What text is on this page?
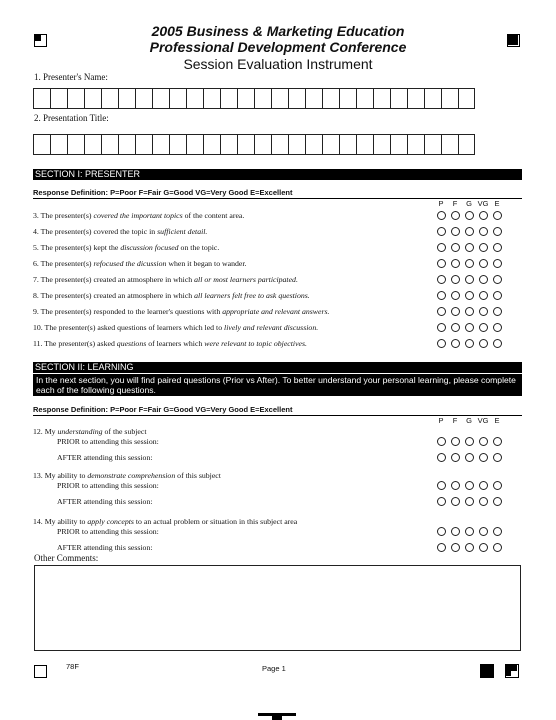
2005 Business & Marketing Education
Professional Development Conference
Session Evaluation Instrument
1. Presenter's Name:
2. Presentation Title:
SECTION I: PRESENTER
Response Definition: P=Poor F=Fair G=Good VG=Very Good E=Excellent
P	F	G VG E
3. The presenter(s) covered the important topics of the content area.
4. The presenter(s) covered the topic in sufficient detail.
5. The presenter(s) kept the discussion focused on the topic.
6. The presenter(s) refocused the dicussion when it began to wander.
7. The presenter(s) created an atmosphere in which all or most learners participated.
8. The presenter(s) created an atmosphere in which all learners felt free to ask questions.
9. The presenter(s) responded to the learner's questions with appropriate and relevant answers.
10. The presenter(s) asked questions of learners which led to lively and relevant discussion.
11. The presenter(s) asked questions of learners which were relevant to topic objectives.
SECTION II: LEARNING
In the next section, you will find paired questions (Prior vs After). To better understand your personal learning, please complete each of the following questions.
Response Definition: P=Poor F=Fair G=Good VG=Very Good E=Excellent
P	F	G VG E
12. My understanding of the subject
PRIOR to attending this session:
AFTER attending this session:
13. My ability to demonstrate comprehension of this subject
PRIOR to attending this session:
AFTER attending this session:
14. My ability to apply concepts to an actual problem or situation in this subject area
PRIOR to attending this session:
AFTER attending this session:
Other Comments:
78F	Page 1
